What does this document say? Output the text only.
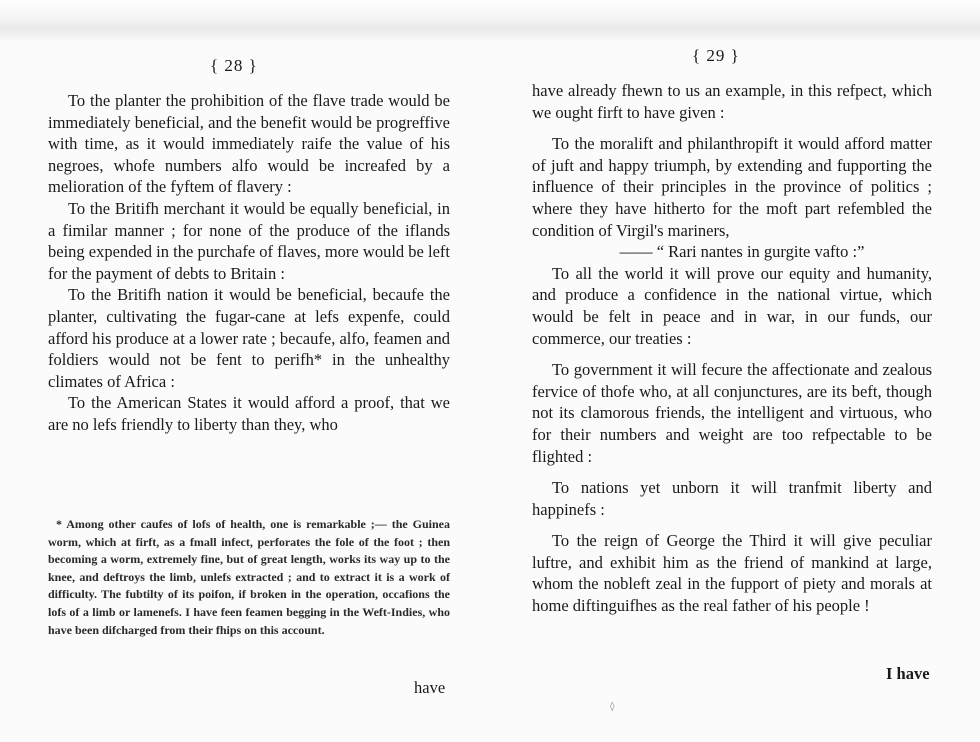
{ 28 }

To the planter the prohibition of the flave trade would be immediately beneficial, and the benefit would be progreffive with time, as it would immediately raife the value of his negroes, whofe numbers alfo would be increafed by a melioration of the fyftem of flavery :

To the Britifh merchant it would be equally beneficial, in a fimilar manner ; for none of the produce of the iflands being expended in the purchafe of flaves, more would be left for the payment of debts to Britain :

To the Britifh nation it would be beneficial, becaufe the planter, cultivating the fugar-cane at lefs expenfe, could afford his produce at a lower rate ; becaufe, alfo, feamen and foldiers would not be fent to perifh* in the unhealthy climates of Africa :

To the American States it would afford a proof, that we are no lefs friendly to liberty than they, who

* Among other caufes of lofs of health, one is remarkable ;— the Guinea worm, which at firft, as a fmall infect, perforates the fole of the foot ; then becoming a worm, extremely fine, but of great length, works its way up to the knee, and deftroys the limb, unlefs extracted ; and to extract it is a work of difficulty. The fubtilty of its poifon, if broken in the operation, occafions the lofs of a limb or lamenefs. I have feen feamen begging in the Weft-Indies, who have been difcharged from their fhips on this account.

have
{ 29 }

have already fhewn to us an example, in this refpect, which we ought firft to have given :

To the moralift and philanthropift it would afford matter of juft and happy triumph, by extending and fupporting the influence of their principles in the province of politics ; where they have hitherto for the moft part refembled the condition of Virgil's mariners,

—— “ Rari nantes in gurgite vafto :”

To all the world it will prove our equity and humanity, and produce a confidence in the national virtue, which would be felt in peace and in war, in our funds, our commerce, our treaties :

To government it will fecure the affectionate and zealous fervice of thofe who, at all conjunctures, are its beft, though not its clamorous friends, the intelligent and virtuous, who for their numbers and weight are too refpectable to be flighted :

To nations yet unborn it will tranfmit liberty and happinefs :

To the reign of George the Third it will give peculiar luftre, and exhibit him as the friend of mankind at large, whom the nobleft zeal in the fupport of piety and morals at home diftinguifhes as the real father of his people !

I have
◊
